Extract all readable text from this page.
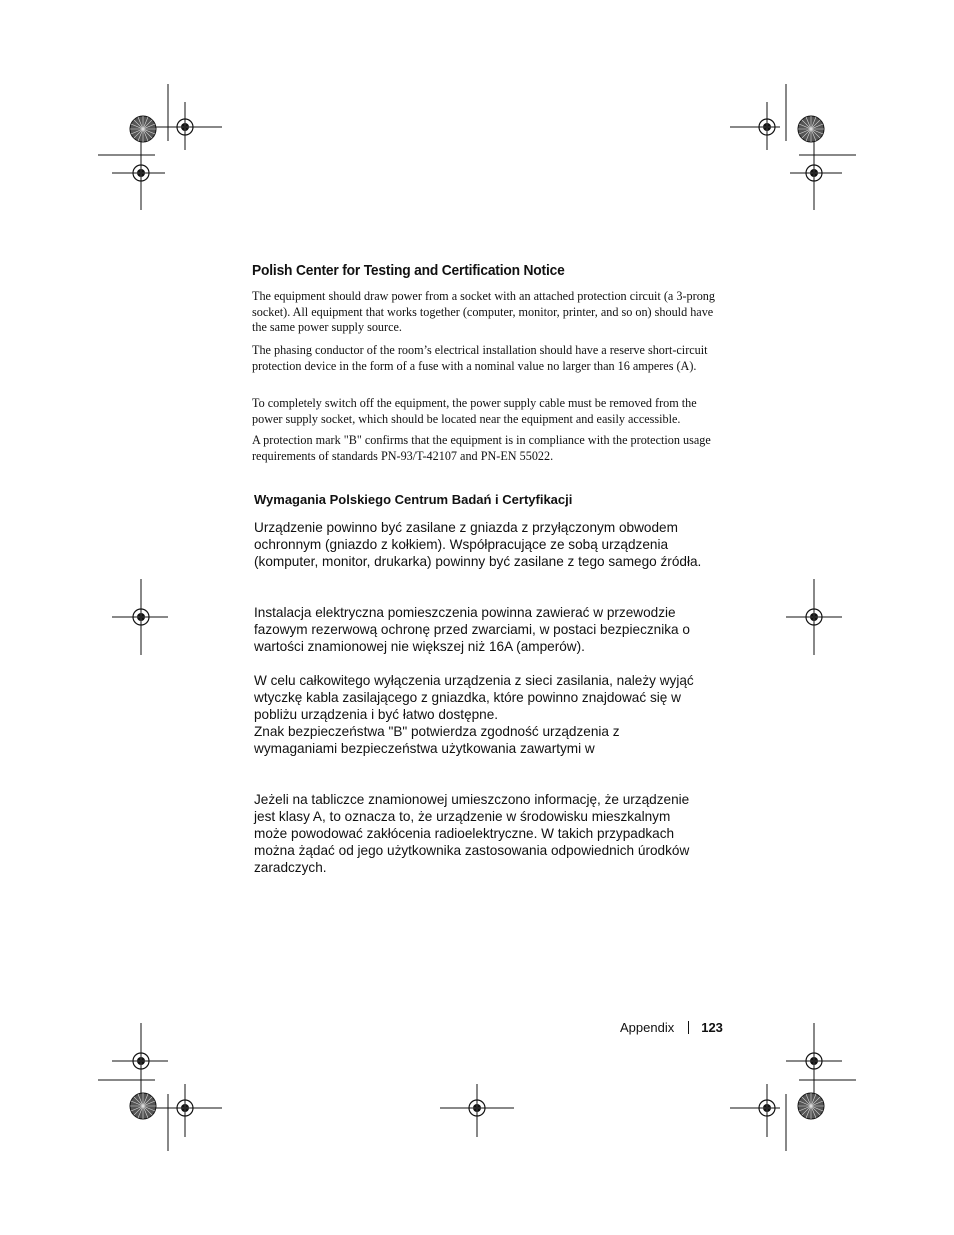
Polish Center for Testing and Certification Notice

The equipment should draw power from a socket with an attached protection circuit (a 3-prong socket). All equipment that works together (computer, monitor, printer, and so on) should have the same power supply source.

The phasing conductor of the room’s electrical installation should have a reserve short-circuit protection device in the form of a fuse with a nominal value no larger than 16 amperes (A).

To completely switch off the equipment, the power supply cable must be removed from the power supply socket, which should be located near the equipment and easily accessible.

A protection mark "B" confirms that the equipment is in compliance with the protection usage requirements of standards PN-93/T-42107 and PN-EN 55022.

Wymagania Polskiego Centrum Badań i Certyfikacji

Urządzenie powinno być zasilane z gniazda z przyłączonym obwodem ochronnym (gniazdo z kołkiem). Współpracujące ze sobą urządzenia (komputer, monitor, drukarka) powinny być zasilane z tego samego źródła.

Instalacja elektryczna pomieszczenia powinna zawierać w przewodzie fazowym rezerwową ochronę przed zwarciami, w postaci bezpiecznika o wartości znamionowej nie większej niż 16A (amperów).

W celu całkowitego wyłączenia urządzenia z sieci zasilania, należy wyjąć wtyczkę kabla zasilającego z gniazdka, które powinno znajdować się w pobliżu urządzenia i być łatwo dostępne.

Znak bezpieczeństwa "B" potwierdza zgodność urządzenia z wymaganiami bezpieczeństwa użytkowania zawartymi w

Jeżeli na tabliczce znamionowej umieszczono informację, że urządzenie jest klasy A, to oznacza to, że urządzenie w środowisku mieszkalnym może powodować zakłócenia radioelektryczne. W takich przypadkach można żądać od jego użytkownika zastosowania odpowiednich úrodków zaradczych.

Appendix 123
